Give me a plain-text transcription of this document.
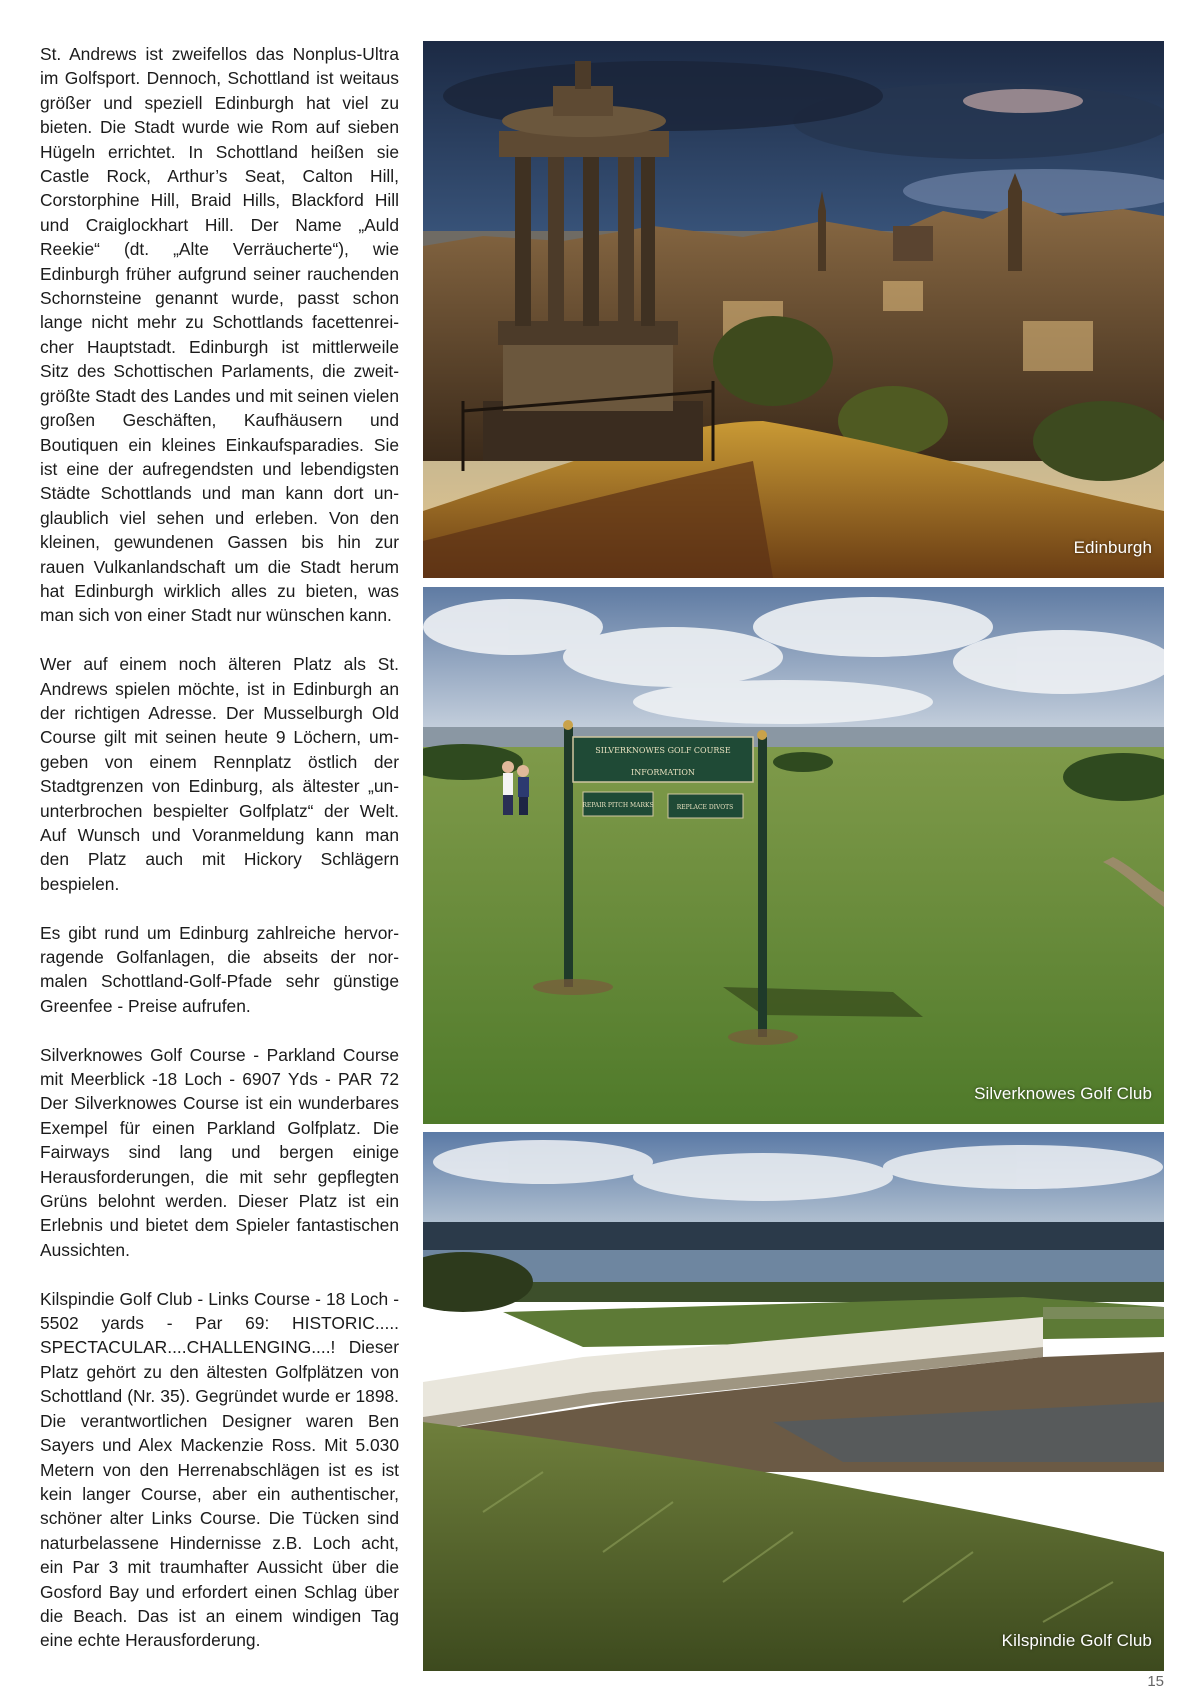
St. Andrews ist zweifellos das Nonplus-Ultra im Golfsport. Dennoch, Schottland ist weitaus größer und speziell Edinburgh hat viel zu bieten. Die Stadt wurde wie Rom auf sieben Hügeln errichtet. In Schottland heißen sie Castle Rock, Arthur’s Seat, Calton Hill, Corstorphine Hill, Braid Hills, Blackford Hill und Craiglockhart Hill. Der Name „Auld Reekie“ (dt. „Alte Verräucherte“), wie Edinburgh früher aufgrund seiner rauchenden Schornsteine genannt wurde, passt schon lange nicht mehr zu Schottlands facettenreicher Hauptstadt. Edinburgh ist mittlerweile Sitz des Schottischen Parlaments, die zweitgrößte Stadt des Landes und mit seinen vielen großen Geschäften, Kaufhäusern und Boutiquen ein kleines Einkaufsparadies. Sie ist eine der aufregendsten und lebendigsten Städte Schottlands und man kann dort unglaublich viel sehen und erleben. Von den kleinen, gewundenen Gassen bis hin zur rauen Vulkanlandschaft um die Stadt herum hat Edinburgh wirklich alles zu bieten, was man sich von einer Stadt nur wünschen kann.

Wer auf einem noch älteren Platz als St. Andrews spielen möchte, ist in Edinburgh an der richtigen Adresse. Der Musselburgh Old Course gilt mit seinen heute 9 Löchern, umgeben von einem Rennplatz östlich der Stadtgrenzen von Edinburg, als ältester „ununterbrochen bespielter Golfplatz“ der Welt. Auf Wunsch und Voranmeldung kann man den Platz auch mit Hickory Schlägern bespielen.

Es gibt rund um Edinburg zahlreiche hervorragende Golfanlagen, die abseits der normalen Schottland-Golf-Pfade sehr günstige Greenfee - Preise aufrufen.

Silverknowes Golf Course - Parkland Course mit Meerblick -18 Loch - 6907 Yds - PAR 72 Der Silverknowes Course ist ein wunderbares Exempel für einen Parkland Golfplatz. Die Fairways sind lang und bergen einige Herausforderungen, die mit sehr gepflegten Grüns belohnt werden. Dieser Platz ist ein Erlebnis und bietet dem Spieler fantastischen Aussichten.

Kilspindie Golf Club - Links Course - 18 Loch - 5502 yards - Par 69: HISTORIC..... SPECTACULAR....CHALLENGING....! Dieser Platz gehört zu den ältesten Golfplätzen von Schottland (Nr. 35). Gegründet wurde er 1898. Die verantwortlichen Designer waren Ben Sayers und Alex Mackenzie Ross. Mit 5.030 Metern von den Herrenabschlägen ist es ist kein langer Course, aber ein authentischer, schöner alter Links Course. Die Tücken sind naturbelassene Hindernisse z.B. Loch acht, ein Par 3 mit traumhafter Aussicht über die Gosford Bay und erfordert einen Schlag über die Beach. Das ist an einem windigen Tag eine echte Herausforderung.

Edinburgh
SILVERKNOWES GOLF COURSE
INFORMATION
REPAIR PITCH MARKS	REPLACE DIVOTS
Silverknowes Golf Club
Kilspindie Golf Club
15
